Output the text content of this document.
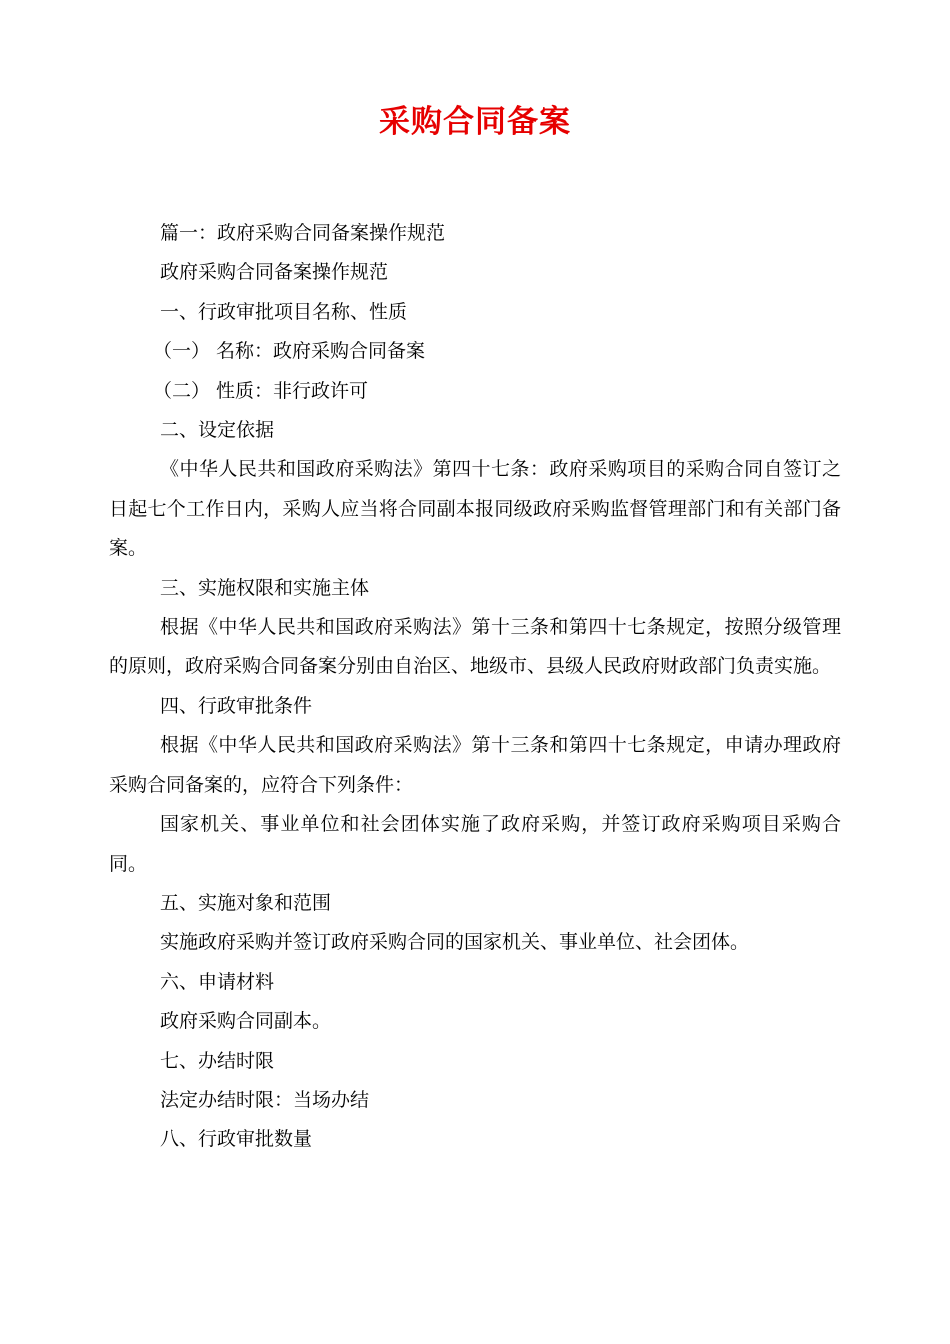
采购合同备案

篇一：政府采购合同备案操作规范

政府采购合同备案操作规范

一、行政审批项目名称、性质

（一） 名称：政府采购合同备案

（二） 性质：非行政许可

二、设定依据

《中华人民共和国政府采购法》第四十七条：政府采购项目的采购合同自签订之日起七个工作日内，采购人应当将合同副本报同级政府采购监督管理部门和有关部门备案。

三、实施权限和实施主体

根据《中华人民共和国政府采购法》第十三条和第四十七条规定，按照分级管理的原则，政府采购合同备案分别由自治区、地级市、县级人民政府财政部门负责实施。

四、行政审批条件

根据《中华人民共和国政府采购法》第十三条和第四十七条规定，申请办理政府采购合同备案的，应符合下列条件：

国家机关、事业单位和社会团体实施了政府采购，并签订政府采购项目采购合同。

五、实施对象和范围

实施政府采购并签订政府采购合同的国家机关、事业单位、社会团体。

六、申请材料

政府采购合同副本。

七、办结时限

法定办结时限：当场办结

八、行政审批数量
